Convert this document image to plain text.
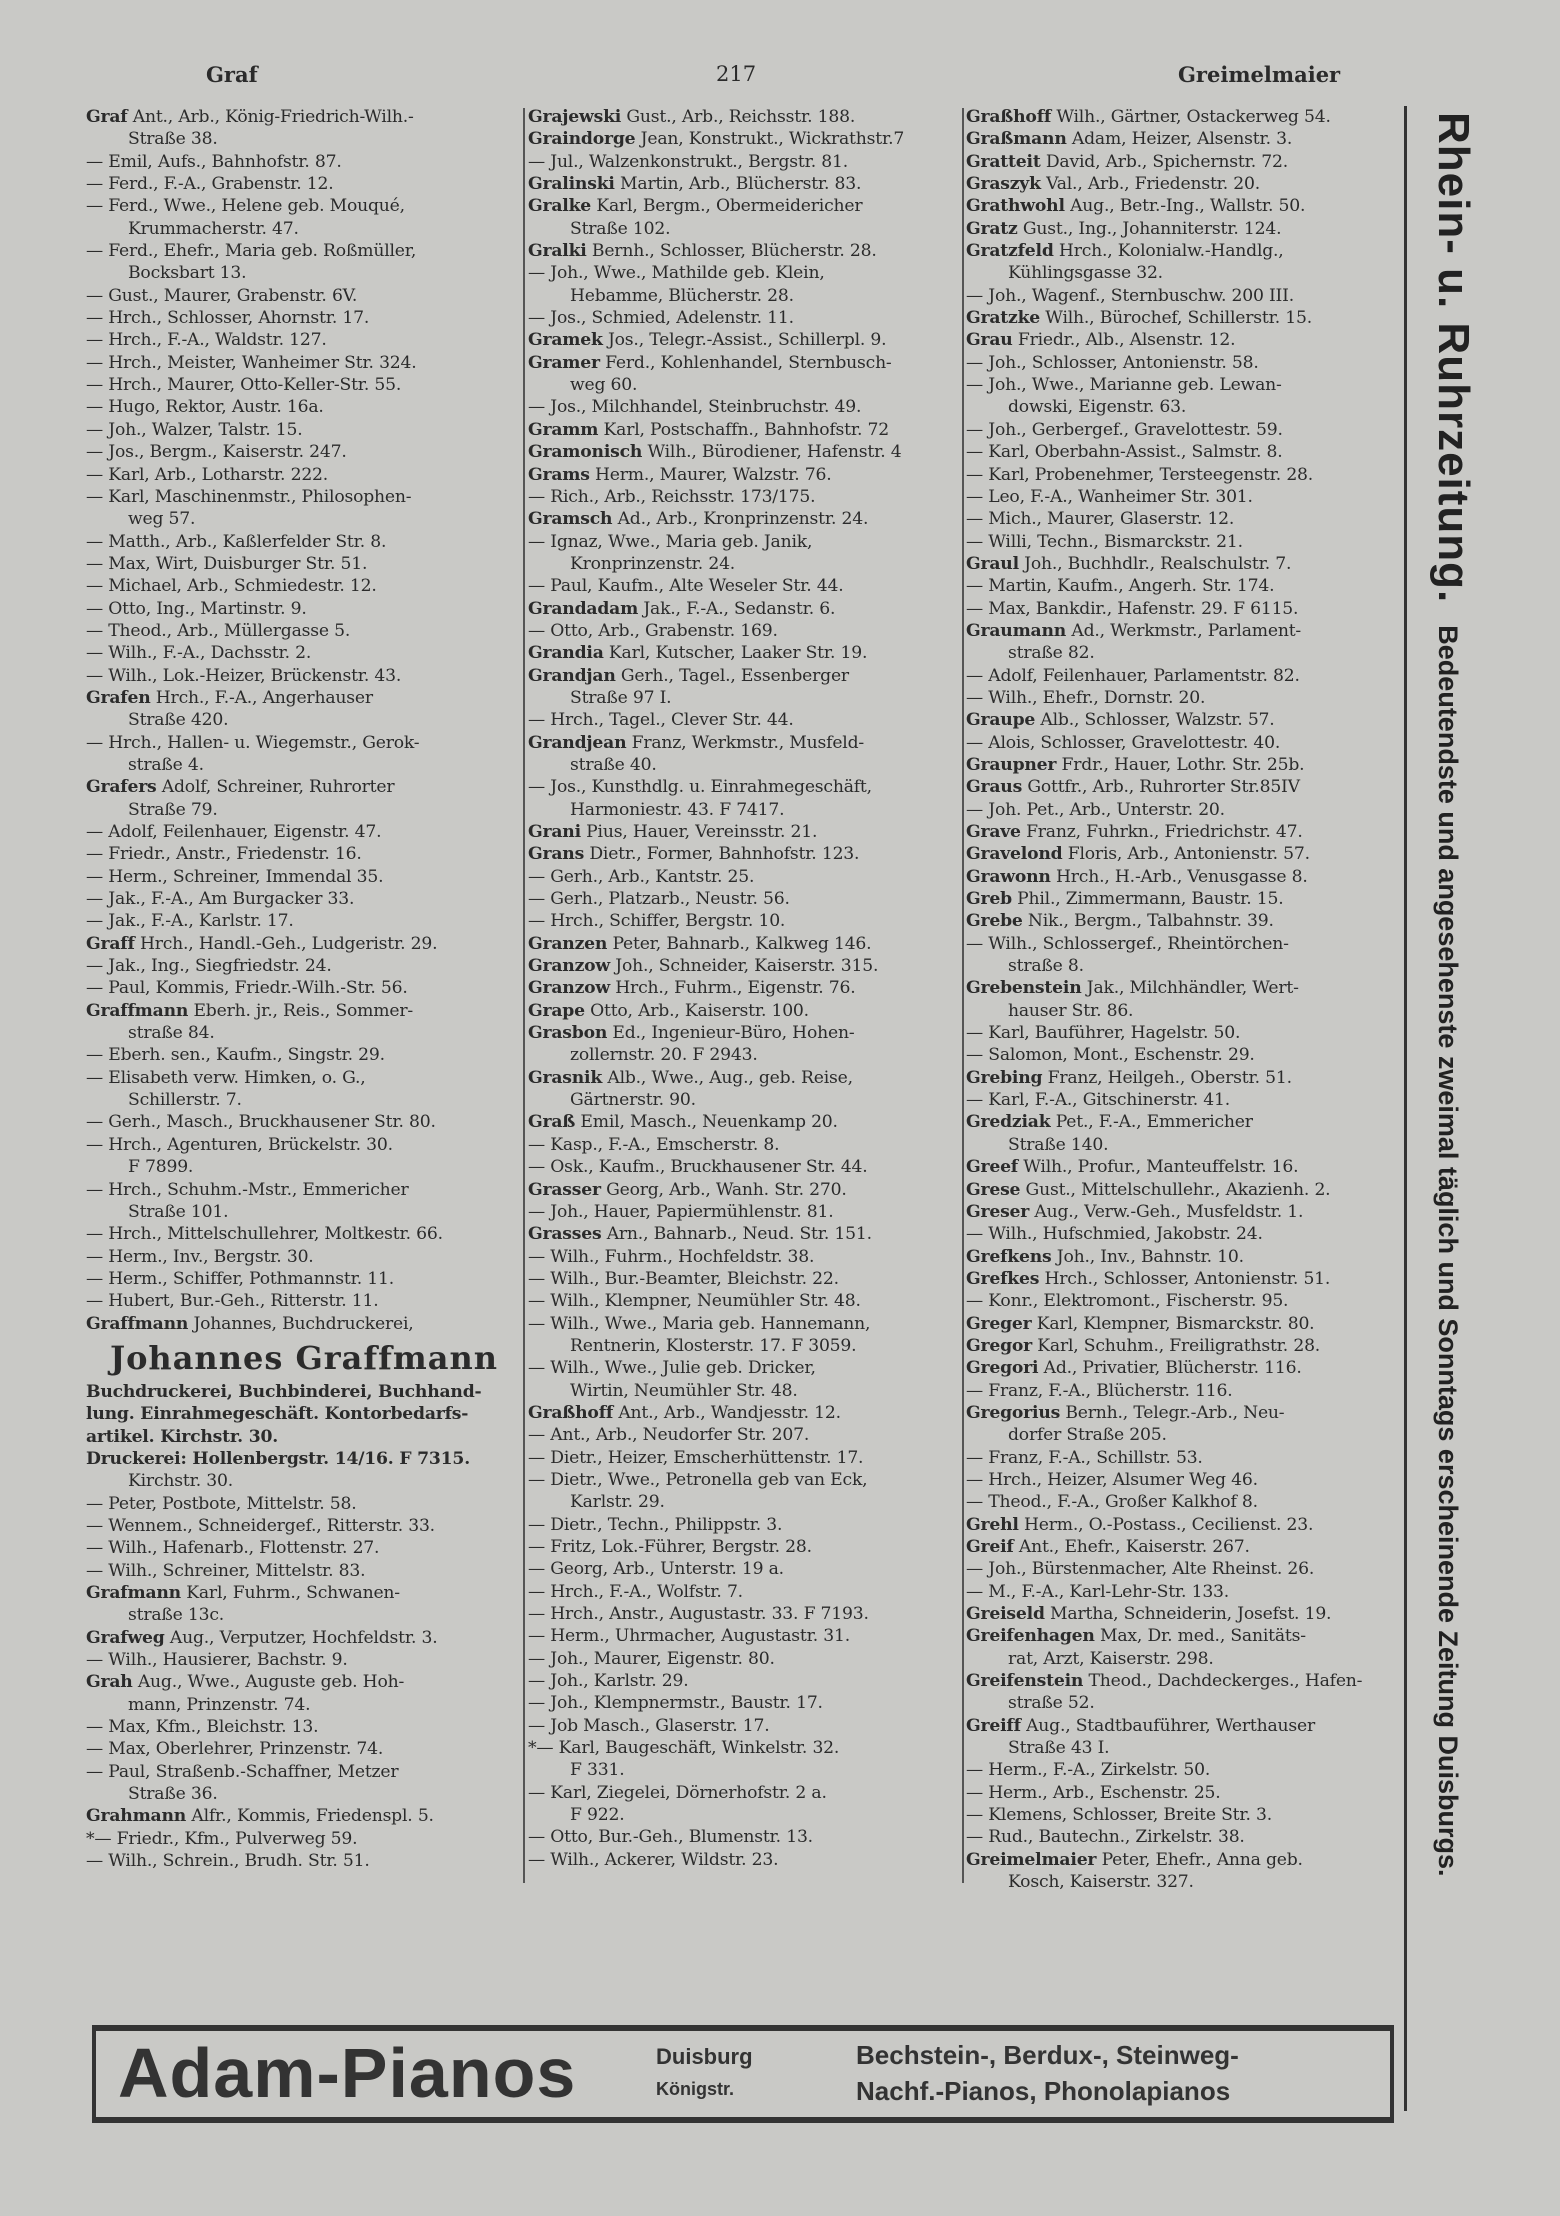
Graf	217	Greimelmaier
Graf Ant., Arb., König-Friedrich-Wilh.-
Straße 38.
— Emil, Aufs., Bahnhofstr. 87.
— Ferd., F.-A., Grabenstr. 12.
— Ferd., Wwe., Helene geb. Mouqué,
Krummacherstr. 47.
— Ferd., Ehefr., Maria geb. Roßmüller,
Bocksbart 13.
— Gust., Maurer, Grabenstr. 6V.
— Hrch., Schlosser, Ahornstr. 17.
— Hrch., F.-A., Waldstr. 127.
— Hrch., Meister, Wanheimer Str. 324.
— Hrch., Maurer, Otto-Keller-Str. 55.
— Hugo, Rektor, Austr. 16a.
— Joh., Walzer, Talstr. 15.
— Jos., Bergm., Kaiserstr. 247.
— Karl, Arb., Lotharstr. 222.
— Karl, Maschinenmstr., Philosophen-
weg 57.
— Matth., Arb., Kaßlerfelder Str. 8.
— Max, Wirt, Duisburger Str. 51.
— Michael, Arb., Schmiedestr. 12.
— Otto, Ing., Martinstr. 9.
— Theod., Arb., Müllergasse 5.
— Wilh., F.-A., Dachsstr. 2.
— Wilh., Lok.-Heizer, Brückenstr. 43.
Grafen Hrch., F.-A., Angerhauser
Straße 420.
— Hrch., Hallen- u. Wiegemstr., Gerok-
straße 4.
Grafers Adolf, Schreiner, Ruhrorter
Straße 79.
— Adolf, Feilenhauer, Eigenstr. 47.
— Friedr., Anstr., Friedenstr. 16.
— Herm., Schreiner, Immendal 35.
— Jak., F.-A., Am Burgacker 33.
— Jak., F.-A., Karlstr. 17.
Graff Hrch., Handl.-Geh., Ludgeristr. 29.
— Jak., Ing., Siegfriedstr. 24.
— Paul, Kommis, Friedr.-Wilh.-Str. 56.
Graffmann Eberh. jr., Reis., Sommer-
straße 84.
— Eberh. sen., Kaufm., Singstr. 29.
— Elisabeth verw. Himken, o. G.,
Schillerstr. 7.
— Gerh., Masch., Bruckhausener Str. 80.
— Hrch., Agenturen, Brückelstr. 30.
F 7899.
— Hrch., Schuhm.-Mstr., Emmericher
Straße 101.
— Hrch., Mittelschullehrer, Moltkestr. 66.
— Herm., Inv., Bergstr. 30.
— Herm., Schiffer, Pothmannstr. 11.
— Hubert, Bur.-Geh., Ritterstr. 11.
Graffmann Johannes, Buchdruckerei,
Johannes Graffmann
Buchdruckerei, Buchbinderei, Buchhand-
lung. Einrahmegeschäft. Kontorbedarfs-
artikel. Kirchstr. 30.
Druckerei: Hollenbergstr. 14/16. F 7315.
Kirchstr. 30.
— Peter, Postbote, Mittelstr. 58.
— Wennem., Schneidergef., Ritterstr. 33.
— Wilh., Hafenarb., Flottenstr. 27.
— Wilh., Schreiner, Mittelstr. 83.
Grafmann Karl, Fuhrm., Schwanen-
straße 13c.
Grafweg Aug., Verputzer, Hochfeldstr. 3.
— Wilh., Hausierer, Bachstr. 9.
Grah Aug., Wwe., Auguste geb. Hoh-
mann, Prinzenstr. 74.
— Max, Kfm., Bleichstr. 13.
— Max, Oberlehrer, Prinzenstr. 74.
— Paul, Straßenb.-Schaffner, Metzer
Straße 36.
Grahmann Alfr., Kommis, Friedenspl. 5.
*— Friedr., Kfm., Pulverweg 59.
— Wilh., Schrein., Brudh. Str. 51.
Grajewski Gust., Arb., Reichsstr. 188.
Graindorge Jean, Konstrukt., Wickrathstr.7
— Jul., Walzenkonstrukt., Bergstr. 81.
Gralinski Martin, Arb., Blücherstr. 83.
Gralke Karl, Bergm., Obermeidericher
Straße 102.
Gralki Bernh., Schlosser, Blücherstr. 28.
— Joh., Wwe., Mathilde geb. Klein,
Hebamme, Blücherstr. 28.
— Jos., Schmied, Adelenstr. 11.
Gramek Jos., Telegr.-Assist., Schillerpl. 9.
Gramer Ferd., Kohlenhandel, Sternbusch-
weg 60.
— Jos., Milchhandel, Steinbruchstr. 49.
Gramm Karl, Postschaffn., Bahnhofstr. 72
Gramonisch Wilh., Bürodiener, Hafenstr. 4
Grams Herm., Maurer, Walzstr. 76.
— Rich., Arb., Reichsstr. 173/175.
Gramsch Ad., Arb., Kronprinzenstr. 24.
— Ignaz, Wwe., Maria geb. Janik,
Kronprinzenstr. 24.
— Paul, Kaufm., Alte Weseler Str. 44.
Grandadam Jak., F.-A., Sedanstr. 6.
— Otto, Arb., Grabenstr. 169.
Grandia Karl, Kutscher, Laaker Str. 19.
Grandjan Gerh., Tagel., Essenberger
Straße 97 I.
— Hrch., Tagel., Clever Str. 44.
Grandjean Franz, Werkmstr., Musfeld-
straße 40.
— Jos., Kunsthdlg. u. Einrahmegeschäft,
Harmoniestr. 43. F 7417.
Grani Pius, Hauer, Vereinsstr. 21.
Grans Dietr., Former, Bahnhofstr. 123.
— Gerh., Arb., Kantstr. 25.
— Gerh., Platzarb., Neustr. 56.
— Hrch., Schiffer, Bergstr. 10.
Granzen Peter, Bahnarb., Kalkweg 146.
Granzow Joh., Schneider, Kaiserstr. 315.
Granzow Hrch., Fuhrm., Eigenstr. 76.
Grape Otto, Arb., Kaiserstr. 100.
Grasbon Ed., Ingenieur-Büro, Hohen-
zollernstr. 20. F 2943.
Grasnik Alb., Wwe., Aug., geb. Reise,
Gärtnerstr. 90.
Graß Emil, Masch., Neuenkamp 20.
— Kasp., F.-A., Emscherstr. 8.
— Osk., Kaufm., Bruckhausener Str. 44.
Grasser Georg, Arb., Wanh. Str. 270.
— Joh., Hauer, Papiermühlenstr. 81.
Grasses Arn., Bahnarb., Neud. Str. 151.
— Wilh., Fuhrm., Hochfeldstr. 38.
— Wilh., Bur.-Beamter, Bleichstr. 22.
— Wilh., Klempner, Neumühler Str. 48.
— Wilh., Wwe., Maria geb. Hannemann,
Rentnerin, Klosterstr. 17. F 3059.
— Wilh., Wwe., Julie geb. Dricker,
Wirtin, Neumühler Str. 48.
Graßhoff Ant., Arb., Wandjesstr. 12.
— Ant., Arb., Neudorfer Str. 207.
— Dietr., Heizer, Emscherhüttenstr. 17.
— Dietr., Wwe., Petronella geb van Eck,
Karlstr. 29.
— Dietr., Techn., Philippstr. 3.
— Fritz, Lok.-Führer, Bergstr. 28.
— Georg, Arb., Unterstr. 19 a.
— Hrch., F.-A., Wolfstr. 7.
— Hrch., Anstr., Augustastr. 33. F 7193.
— Herm., Uhrmacher, Augustastr. 31.
— Joh., Maurer, Eigenstr. 80.
— Joh., Karlstr. 29.
— Joh., Klempnermstr., Baustr. 17.
— Job Masch., Glaserstr. 17.
*— Karl, Baugeschäft, Winkelstr. 32.
F 331.
— Karl, Ziegelei, Dörnerhofstr. 2 a.
F 922.
— Otto, Bur.-Geh., Blumenstr. 13.
— Wilh., Ackerer, Wildstr. 23.
Graßhoff Wilh., Gärtner, Ostackerweg 54.
Graßmann Adam, Heizer, Alsenstr. 3.
Gratteit David, Arb., Spichernstr. 72.
Graszyk Val., Arb., Friedenstr. 20.
Grathwohl Aug., Betr.-Ing., Wallstr. 50.
Gratz Gust., Ing., Johanniterstr. 124.
Gratzfeld Hrch., Kolonialw.-Handlg.,
Kühlingsgasse 32.
— Joh., Wagenf., Sternbuschw. 200 III.
Gratzke Wilh., Bürochef, Schillerstr. 15.
Grau Friedr., Alb., Alsenstr. 12.
— Joh., Schlosser, Antonienstr. 58.
— Joh., Wwe., Marianne geb. Lewan-
dowski, Eigenstr. 63.
— Joh., Gerbergef., Gravelottestr. 59.
— Karl, Oberbahn-Assist., Salmstr. 8.
— Karl, Probenehmer, Tersteegenstr. 28.
— Leo, F.-A., Wanheimer Str. 301.
— Mich., Maurer, Glaserstr. 12.
— Willi, Techn., Bismarckstr. 21.
Graul Joh., Buchhdlr., Realschulstr. 7.
— Martin, Kaufm., Angerh. Str. 174.
— Max, Bankdir., Hafenstr. 29. F 6115.
Graumann Ad., Werkmstr., Parlament-
straße 82.
— Adolf, Feilenhauer, Parlamentstr. 82.
— Wilh., Ehefr., Dornstr. 20.
Graupe Alb., Schlosser, Walzstr. 57.
— Alois, Schlosser, Gravelottestr. 40.
Graupner Frdr., Hauer, Lothr. Str. 25b.
Graus Gottfr., Arb., Ruhrorter Str.85IV
— Joh. Pet., Arb., Unterstr. 20.
Grave Franz, Fuhrkn., Friedrichstr. 47.
Gravelond Floris, Arb., Antonienstr. 57.
Grawonn Hrch., H.-Arb., Venusgasse 8.
Greb Phil., Zimmermann, Baustr. 15.
Grebe Nik., Bergm., Talbahnstr. 39.
— Wilh., Schlossergef., Rheintörchen-
straße 8.
Grebenstein Jak., Milchhändler, Wert-
hauser Str. 86.
— Karl, Bauführer, Hagelstr. 50.
— Salomon, Mont., Eschenstr. 29.
Grebing Franz, Heilgeh., Oberstr. 51.
— Karl, F.-A., Gitschinerstr. 41.
Gredziak Pet., F.-A., Emmericher
Straße 140.
Greef Wilh., Profur., Manteuffelstr. 16.
Grese Gust., Mittelschullehr., Akazienh. 2.
Greser Aug., Verw.-Geh., Musfeldstr. 1.
— Wilh., Hufschmied, Jakobstr. 24.
Grefkens Joh., Inv., Bahnstr. 10.
Grefkes Hrch., Schlosser, Antonienstr. 51.
— Konr., Elektromont., Fischerstr. 95.
Greger Karl, Klempner, Bismarckstr. 80.
Gregor Karl, Schuhm., Freiligrathstr. 28.
Gregori Ad., Privatier, Blücherstr. 116.
— Franz, F.-A., Blücherstr. 116.
Gregorius Bernh., Telegr.-Arb., Neu-
dorfer Straße 205.
— Franz, F.-A., Schillstr. 53.
— Hrch., Heizer, Alsumer Weg 46.
— Theod., F.-A., Großer Kalkhof 8.
Grehl Herm., O.-Postass., Cecilienst. 23.
Greif Ant., Ehefr., Kaiserstr. 267.
— Joh., Bürstenmacher, Alte Rheinst. 26.
— M., F.-A., Karl-Lehr-Str. 133.
Greiseld Martha, Schneiderin, Josefst. 19.
Greifenhagen Max, Dr. med., Sanitäts-
rat, Arzt, Kaiserstr. 298.
Greifenstein Theod., Dachdeckerges., Hafen-
straße 52.
Greiff Aug., Stadtbauführer, Werthauser
Straße 43 I.
— Herm., F.-A., Zirkelstr. 50.
— Herm., Arb., Eschenstr. 25.
— Klemens, Schlosser, Breite Str. 3.
— Rud., Bautechn., Zirkelstr. 38.
Greimelmaier Peter, Ehefr., Anna geb.
Kosch, Kaiserstr. 327.
Rhein- u. Ruhrzeitung.Bedeutendste und angesehenste zweimal täglich und Sonntags erscheinende Zeitung Duisburgs.
Adam-Pianos	Duisburg
Königstr.
Bechstein-, Berdux-, Steinweg-
Nachf.-Pianos, Phonolapianos
